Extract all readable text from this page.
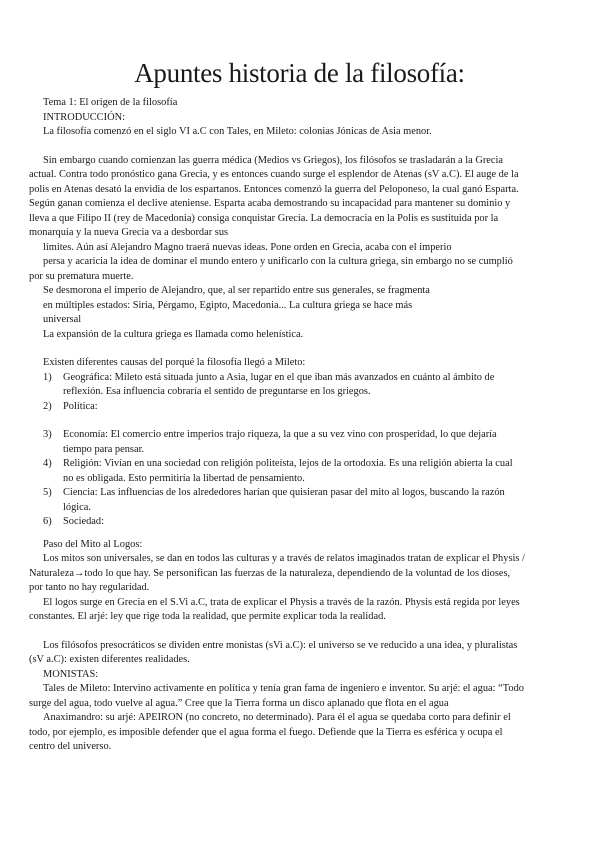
Apuntes historia de la filosofía:
Tema 1: El origen de la filosofía
INTRODUCCIÓN:
La filosofía comenzó en el siglo VI a.C con Tales, en Mileto: colonias Jónicas de Asia menor.
Sin embargo cuando comienzan las guerra médica (Medios vs Griegos), los filósofos se trasladarán a la Grecia
actual. Contra todo pronóstico gana Grecia, y es entonces cuando surge el esplendor de Atenas (sV a.C). El auge de la
polis en Atenas desató la envidia de los espartanos. Entonces comenzó la guerra del Peloponeso, la cual ganó Esparta.
Según ganan comienza el declive ateniense. Esparta acaba demostrando su incapacidad para mantener su dominio y
lleva a que Filipo II (rey de Macedonia) consiga conquistar Grecia. La democracia en la Polis es sustituida por la
monarquía y la nueva Grecia va a desbordar sus
límites. Aún así Alejandro Magno traerá nuevas ideas. Pone orden en Grecia, acaba con el imperio
persa y acaricia la idea de dominar el mundo entero y unificarlo con la cultura griega, sin embargo no se cumplió
por su prematura muerte.
Se desmorona el imperio de Alejandro, que, al ser repartido entre sus generales, se fragmenta
en múltiples estados: Siria, Pérgamo, Egipto, Macedonia... La cultura griega se hace más
universal
La expansión de la cultura griega es llamada como helenística.
Existen diferentes causas del porqué la filosofía llegó a Mileto:
1)	Geográfica: Mileto está situada junto a Asia, lugar en el que iban más avanzados en cuánto al ámbito de
reflexión. Esa influencia cobraría el sentido de preguntarse en los griegos.
2)	Política:
3)	Economía: El comercio entre imperios trajo riqueza, la que a su vez vino con prosperidad, lo que dejaría
tiempo para pensar.
4)	Religión: Vivían en una sociedad con religión politeísta, lejos de la ortodoxia. Es una religión abierta la cual
no es obligada. Esto permitiría la libertad de pensamiento.
5)	Ciencia: Las influencias de los alrededores harían que quisieran pasar del mito al logos, buscando la razón
lógica.
6)	Sociedad:
Paso del Mito al Logos:
Los mitos son universales, se dan en todos las culturas y a través de relatos imaginados tratan de explicar el Physis /
Naturaleza→todo lo que hay. Se personifican las fuerzas de la naturaleza, dependiendo de la voluntad de los dioses,
por tanto no hay regularidad.
El logos surge en Grecia en el S.Vi a.C, trata de explicar el Physis a través de la razón. Physis está regida por leyes
constantes. El arjé: ley que rige toda la realidad, que permite explicar toda la realidad.
Los filósofos presocráticos se dividen entre monistas (sVi a.C): el universo se ve reducido a una idea, y pluralistas
(sV a.C): existen diferentes realidades.
MONISTAS:
Tales de Mileto: Intervino activamente en política y tenía gran fama de ingeniero e inventor. Su arjé: el agua: “Todo
surge del agua, todo vuelve al agua.” Cree que la Tierra forma un disco aplanado que flota en el agua
Anaximandro: su arjé: APEIRON (no concreto, no determinado). Para él el agua se quedaba corto para definir el
todo, por ejemplo, es imposible defender que el agua forma el fuego. Defiende que la Tierra es esférica y ocupa el
centro del universo.
